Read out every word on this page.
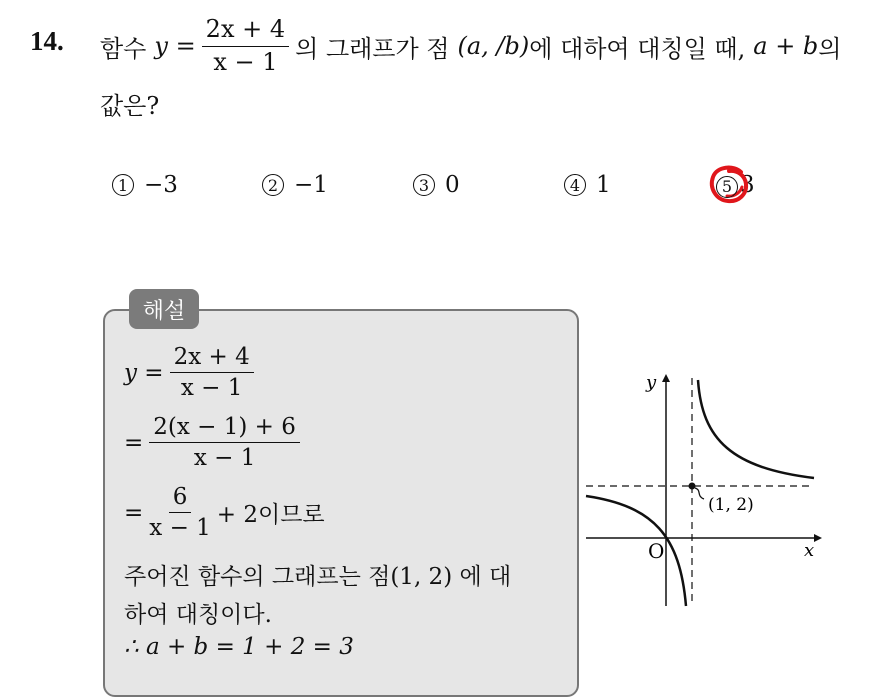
14. 함수 $y = \frac{2x + 4}{x - 1}$ 의 그래프가 점 (a, /b) 에 대하여 대칭일 때, a + b 의
값은?
1 −3	2 −1	3 0	4 1	5 3
해설
$y = \frac{2x + 4}{x - 1}$
= $\frac{2(x - 1) + 6}{x - 1}$
= $\frac{6}{x - 1} + 2$이므로
주어진 함수의 그래프는 점(1, 2) 에 대
하여 대칭이다.
∴ a + b = 1 + 2 = 3
(1, 2)
y
x
O
